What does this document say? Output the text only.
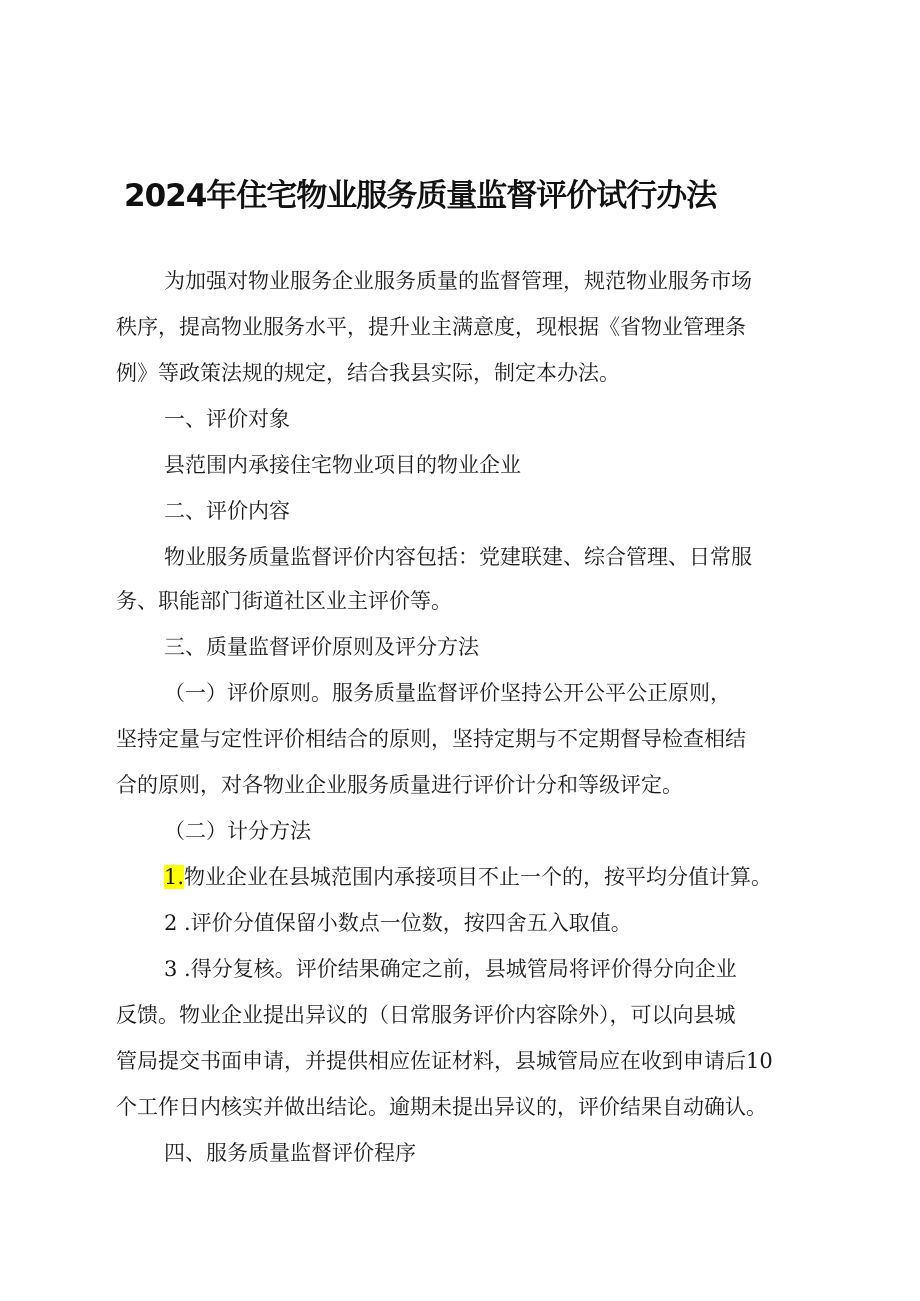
2024年住宅物业服务质量监督评价试行办法
为加强对物业服务企业服务质量的监督管理，规范物业服务市场
秩序，提高物业服务水平，提升业主满意度，现根据《省物业管理条
例》等政策法规的规定，结合我县实际，制定本办法。
一、评价对象
县范围内承接住宅物业项目的物业企业
二、评价内容
物业服务质量监督评价内容包括：党建联建、综合管理、日常服
务、职能部门街道社区业主评价等。
三、质量监督评价原则及评分方法
（一）评价原则。服务质量监督评价坚持公开公平公正原则，
坚持定量与定性评价相结合的原则，坚持定期与不定期督导检查相结
合的原则，对各物业企业服务质量进行评价计分和等级评定。
（二）计分方法
1.物业企业在县城范围内承接项目不止一个的，按平均分值计算。
2 .评价分值保留小数点一位数，按四舍五入取值。
3 .得分复核。评价结果确定之前，县城管局将评价得分向企业
反馈。物业企业提出异议的（日常服务评价内容除外），可以向县城
管局提交书面申请，并提供相应佐证材料，县城管局应在收到申请后10
个工作日内核实并做出结论。逾期未提出异议的，评价结果自动确认。
四、服务质量监督评价程序
